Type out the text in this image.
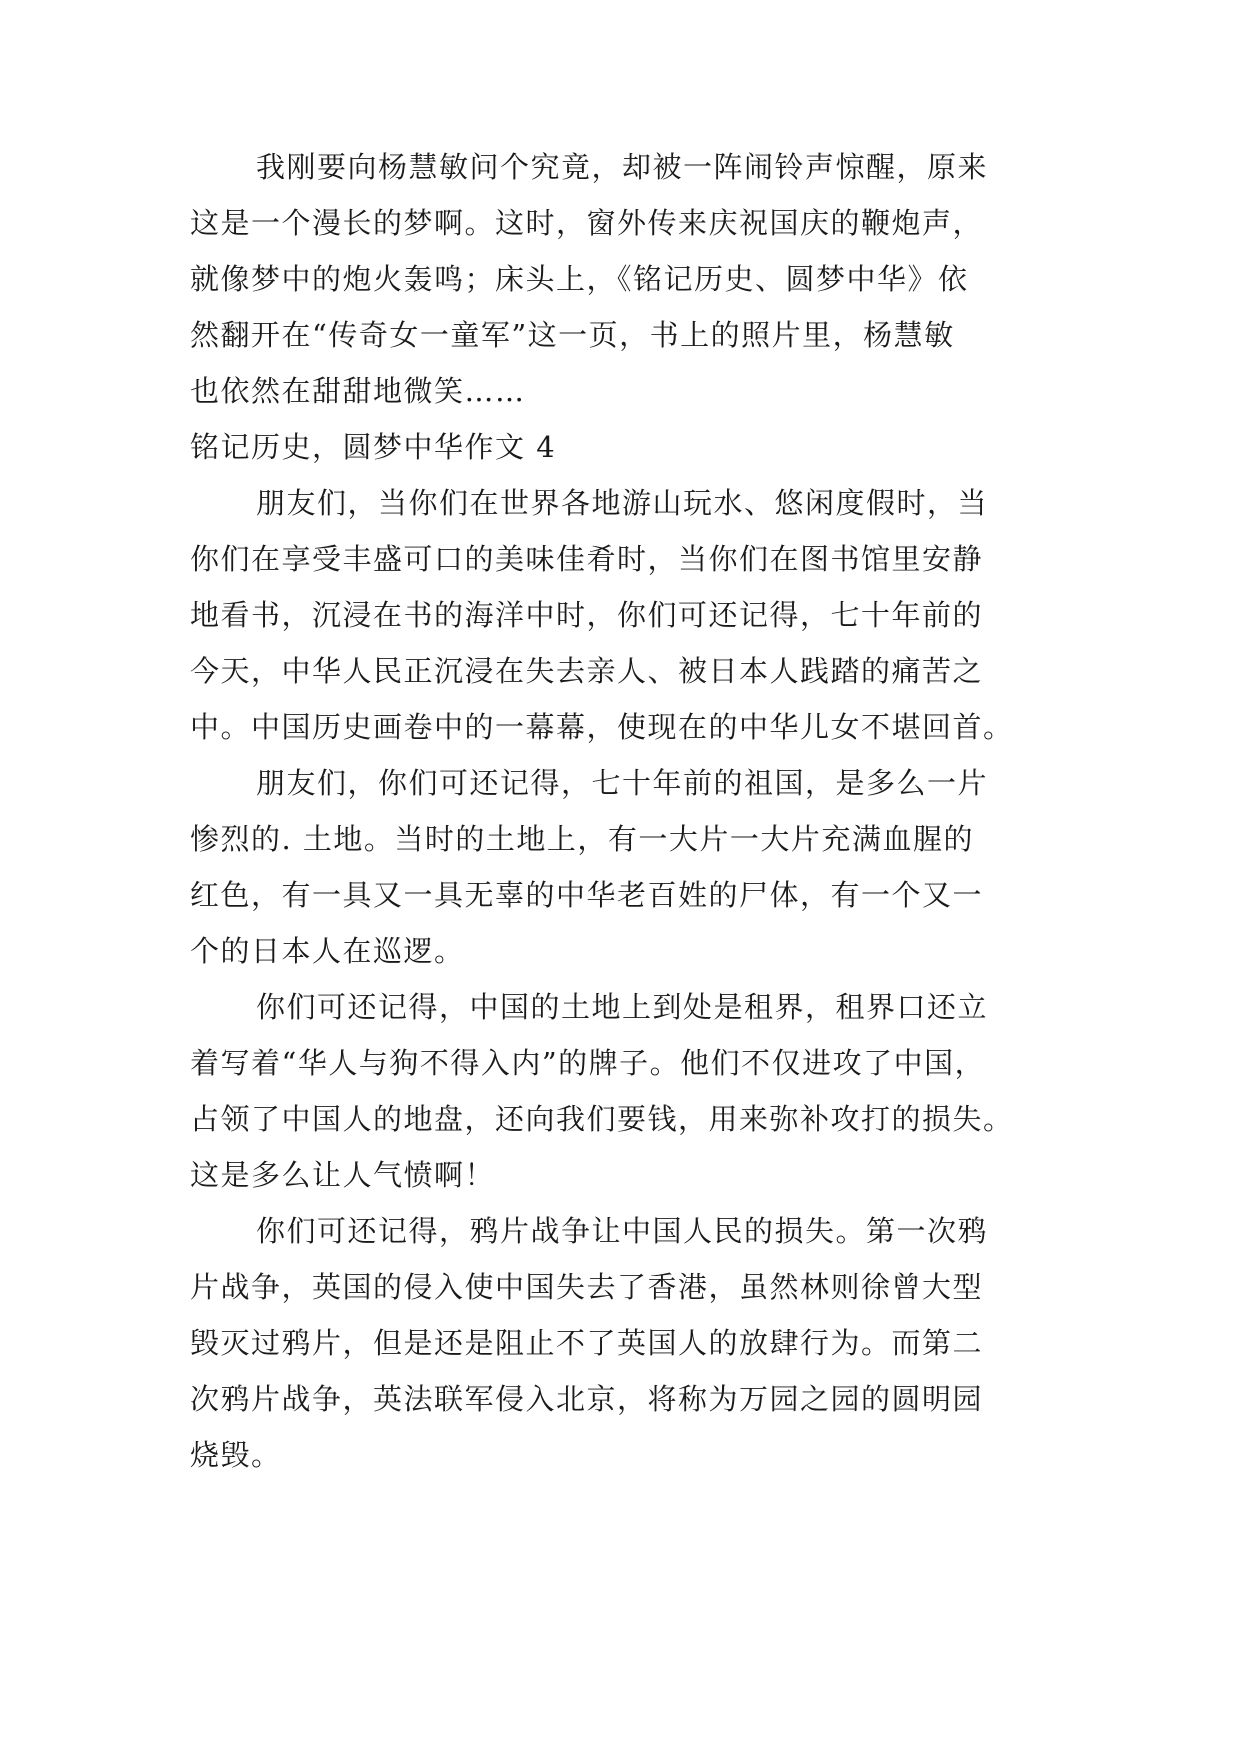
我刚要向杨慧敏问个究竟，却被一阵闹铃声惊醒，原来
这是一个漫长的梦啊。这时，窗外传来庆祝国庆的鞭炮声，
就像梦中的炮火轰鸣；床头上，《铭记历史、圆梦中华》依
然翻开在“传奇女一童军”这一页，书上的照片里，杨慧敏
也依然在甜甜地微笑……
铭记历史，圆梦中华作文 4
朋友们，当你们在世界各地游山玩水、悠闲度假时，当
你们在享受丰盛可口的美味佳肴时，当你们在图书馆里安静
地看书，沉浸在书的海洋中时，你们可还记得，七十年前的
今天，中华人民正沉浸在失去亲人、被日本人践踏的痛苦之
中。中国历史画卷中的一幕幕，使现在的中华儿女不堪回首。
朋友们，你们可还记得，七十年前的祖国，是多么一片
惨烈的. 土地。当时的土地上，有一大片一大片充满血腥的
红色，有一具又一具无辜的中华老百姓的尸体，有一个又一
个的日本人在巡逻。
你们可还记得，中国的土地上到处是租界，租界口还立
着写着“华人与狗不得入内”的牌子。他们不仅进攻了中国，
占领了中国人的地盘，还向我们要钱，用来弥补攻打的损失。
这是多么让人气愤啊！
你们可还记得，鸦片战争让中国人民的损失。第一次鸦
片战争，英国的侵入使中国失去了香港，虽然林则徐曾大型
毁灭过鸦片，但是还是阻止不了英国人的放肆行为。而第二
次鸦片战争，英法联军侵入北京，将称为万园之园的圆明园
烧毁。
